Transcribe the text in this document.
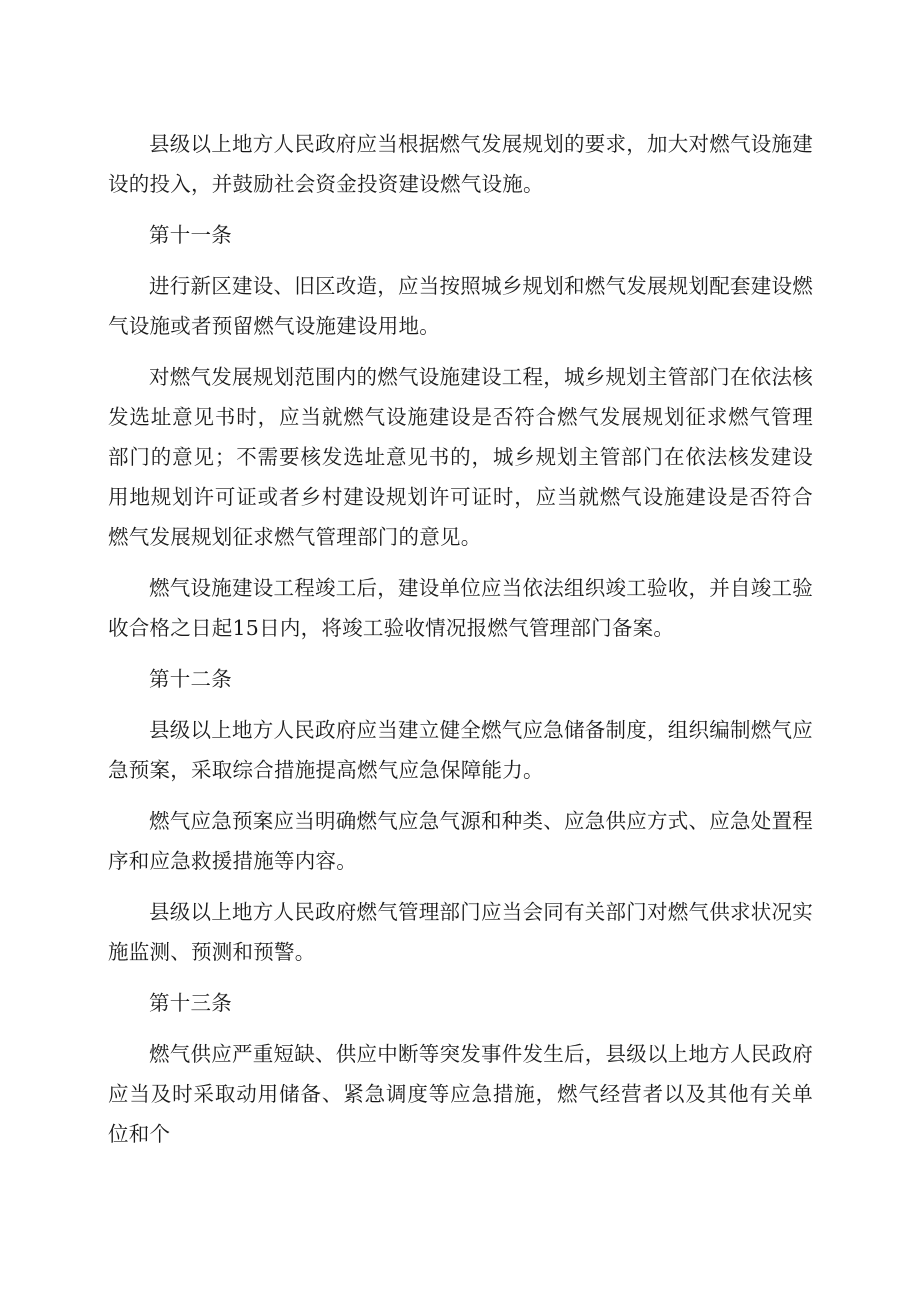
县级以上地方人民政府应当根据燃气发展规划的要求，加大对燃气设施建设的投入，并鼓励社会资金投资建设燃气设施。

第十一条

进行新区建设、旧区改造，应当按照城乡规划和燃气发展规划配套建设燃气设施或者预留燃气设施建设用地。

对燃气发展规划范围内的燃气设施建设工程，城乡规划主管部门在依法核发选址意见书时，应当就燃气设施建设是否符合燃气发展规划征求燃气管理部门的意见；不需要核发选址意见书的，城乡规划主管部门在依法核发建设用地规划许可证或者乡村建设规划许可证时，应当就燃气设施建设是否符合燃气发展规划征求燃气管理部门的意见。

燃气设施建设工程竣工后，建设单位应当依法组织竣工验收，并自竣工验收合格之日起15日内，将竣工验收情况报燃气管理部门备案。

第十二条

县级以上地方人民政府应当建立健全燃气应急储备制度，组织编制燃气应急预案，采取综合措施提高燃气应急保障能力。

燃气应急预案应当明确燃气应急气源和种类、应急供应方式、应急处置程序和应急救援措施等内容。

县级以上地方人民政府燃气管理部门应当会同有关部门对燃气供求状况实施监测、预测和预警。

第十三条

燃气供应严重短缺、供应中断等突发事件发生后，县级以上地方人民政府应当及时采取动用储备、紧急调度等应急措施，燃气经营者以及其他有关单位和个
